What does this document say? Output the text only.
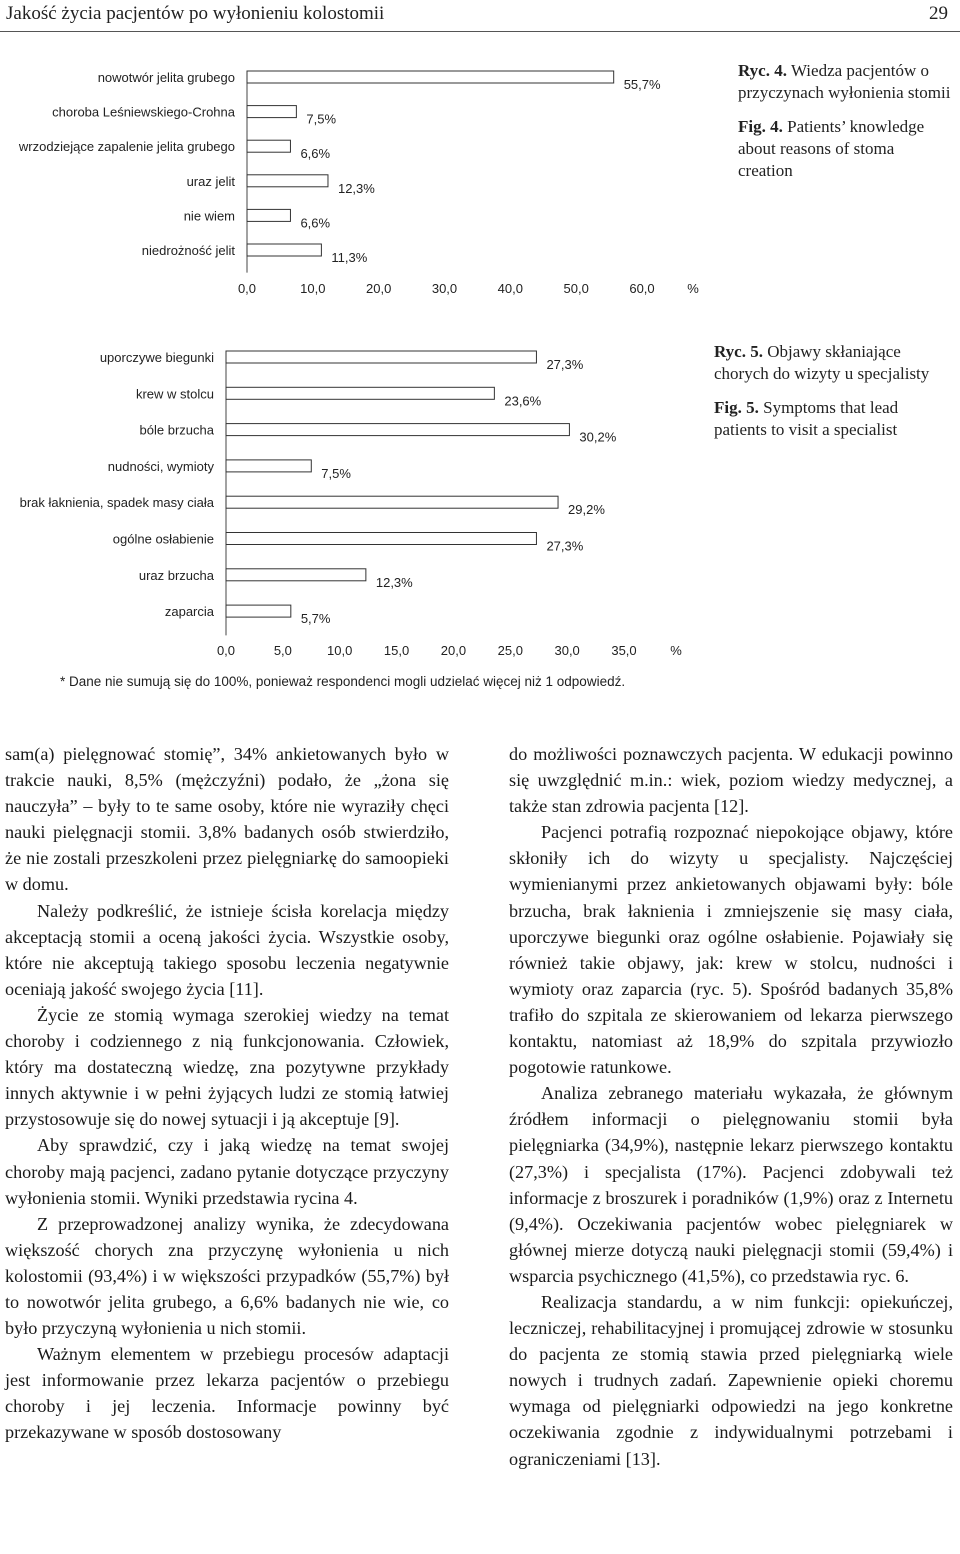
Jakość życia pacjentów po wyłonieniu kolostomii	29
nowotwór jelita grubego	55,7%
choroba Leśniewskiego-Crohna	7,5%
wrzodziejące zapalenie jelita grubego	6,6%
uraz jelit	12,3%
nie wiem	6,6%
niedrożność jelit	11,3%
0,0	10,0	20,0	30,0	40,0	50,0	60,0	%
uporczywe biegunki	27,3%
krew w stolcu	23,6%
bóle brzucha	30,2%
nudności, wymioty	7,5%
brak łaknienia, spadek masy ciała	29,2%
ogólne osłabienie	27,3%
uraz brzucha	12,3%
zaparcia	5,7%
0,0	5,0	10,0 15,0 20,0 25,0 30,0 35,0	%
Ryc. 4. Wiedza pacjentów o przyczynach wyłonienia stomii
Fig. 4. Patients’ knowledge about reasons of stoma creation
Ryc. 5. Objawy skłaniające chorych do wizyty u specjalisty
Fig. 5. Symptoms that lead patients to visit a specialist
* Dane nie sumują się do 100%, ponieważ respondenci mogli udzielać więcej niż 1 odpowiedź.

sam(a) pielęgnować stomię”, 34% ankietowanych było w trakcie nauki, 8,5% (mężczyźni) podało, że „żona się nauczyła” – były to te same osoby, które nie wyraziły chęci nauki pielęgnacji stomii. 3,8% badanych osób stwierdziło, że nie zostali przeszkoleni przez pielęgniarkę do samoopieki w domu.

Należy podkreślić, że istnieje ścisła korelacja między akceptacją stomii a oceną jakości życia. Wszystkie osoby, które nie akceptują takiego sposobu leczenia negatywnie oceniają jakość swojego życia [11].

Życie ze stomią wymaga szerokiej wiedzy na temat choroby i codziennego z nią funkcjonowania. Człowiek, który ma dostateczną wiedzę, zna pozytywne przykłady innych aktywnie i w pełni żyjących ludzi ze stomią łatwiej przystosowuje się do nowej sytuacji i ją akceptuje [9].

Aby sprawdzić, czy i jaką wiedzę na temat swojej choroby mają pacjenci, zadano pytanie dotyczące przyczyny wyłonienia stomii. Wyniki przedstawia rycina 4.

Z przeprowadzonej analizy wynika, że zdecydowana większość chorych zna przyczynę wyłonienia u nich kolostomii (93,4%) i w większości przypadków (55,7%) był to nowotwór jelita grubego, a 6,6% badanych nie wie, co było przyczyną wyłonienia u nich stomii.

Ważnym elementem w przebiegu procesów adaptacji jest informowanie przez lekarza pacjentów o przebiegu choroby i jej leczenia. Informacje powinny być przekazywane w sposób dostosowany

do możliwości poznawczych pacjenta. W edukacji powinno się uwzględnić m.in.: wiek, poziom wiedzy medycznej, a także stan zdrowia pacjenta [12].

Pacjenci potrafią rozpoznać niepokojące objawy, które skłoniły ich do wizyty u specjalisty. Najczęściej wymienianymi przez ankietowanych objawami były: bóle brzucha, brak łaknienia i zmniejszenie się masy ciała, uporczywe biegunki oraz ogólne osłabienie. Pojawiały się również takie objawy, jak: krew w stolcu, nudności i wymioty oraz zaparcia (ryc. 5). Spośród badanych 35,8% trafiło do szpitala ze skierowaniem od lekarza pierwszego kontaktu, natomiast aż 18,9% do szpitala przywiozło pogotowie ratunkowe.

Analiza zebranego materiału wykazała, że głównym źródłem informacji o pielęgnowaniu stomii była pielęgniarka (34,9%), następnie lekarz pierwszego kontaktu (27,3%) i specjalista (17%). Pacjenci zdobywali też informacje z broszurek i poradników (1,9%) oraz z Internetu (9,4%). Oczekiwania pacjentów wobec pielęgniarek w głównej mierze dotyczą nauki pielęgnacji stomii (59,4%) i wsparcia psychicznego (41,5%), co przedstawia ryc. 6.

Realizacja standardu, a w nim funkcji: opiekuńczej, leczniczej, rehabilitacyjnej i promującej zdrowie w stosunku do pacjenta ze stomią stawia przed pielęgniarką wiele nowych i trudnych zadań. Zapewnienie opieki choremu wymaga od pielęgniarki odpowiedzi na jego konkretne oczekiwania zgodnie z indywidualnymi potrzebami i ograniczeniami [13].
